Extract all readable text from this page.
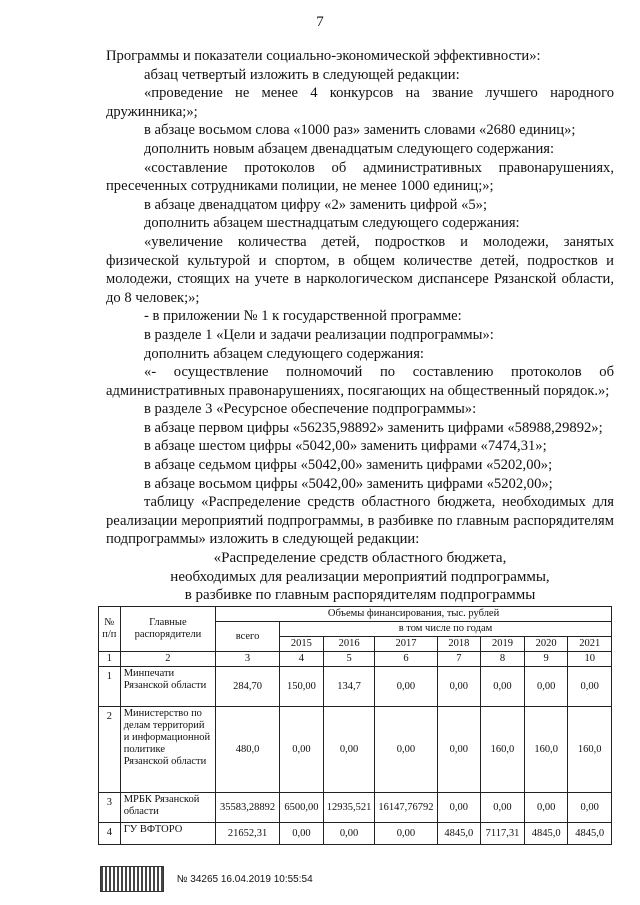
7

Программы и показатели социально-экономической эффективности»:

абзац четвертый изложить в следующей редакции:

«проведение не менее 4 конкурсов на звание лучшего народного дружинника;»;

в абзаце восьмом слова «1000 раз» заменить словами «2680 единиц»;

дополнить новым абзацем двенадцатым следующего содержания:

«составление протоколов об административных правонарушениях, пресеченных сотрудниками полиции, не менее 1000 единиц;»;

в абзаце двенадцатом цифру «2» заменить цифрой «5»;

дополнить абзацем шестнадцатым следующего содержания:

«увеличение количества детей, подростков и молодежи, занятых физической культурой и спортом, в общем количестве детей, подростков и молодежи, стоящих на учете в наркологическом диспансере Рязанской области, до 8 человек;»;

- в приложении № 1 к государственной программе:

в разделе 1 «Цели и задачи реализации подпрограммы»:

дополнить абзацем следующего содержания:

«- осуществление полномочий по составлению протоколов об административных правонарушениях, посягающих на общественный порядок.»;

в разделе 3 «Ресурсное обеспечение подпрограммы»:

в абзаце первом цифры «56235,98892» заменить цифрами «58988,29892»;

в абзаце шестом цифры «5042,00» заменить цифрами «7474,31»;

в абзаце седьмом цифры «5042,00» заменить цифрами «5202,00»;

в абзаце восьмом цифры «5042,00» заменить цифрами «5202,00»;

таблицу «Распределение средств областного бюджета, необходимых для реализации мероприятий подпрограммы, в разбивке по главным распорядителям подпрограммы» изложить в следующей редакции:

«Распределение средств областного бюджета,
необходимых для реализации мероприятий подпрограммы,
в разбивке по главным распорядителям подпрограммы
№ п/п	Главные распорядители	Объемы финансирования, тыс. рублей							
		всего	в том числе по годам						
			2015	2016	2017	2018	2019	2020	2021
1	2	3	4	5	6	7	8	9	10
1	Минпечати Рязанской области	284,70	150,00	134,7	0,00	0,00	0,00	0,00	0,00
2	Министерство по делам территорий и информационной политике Рязанской области	480,0	0,00	0,00	0,00	0,00	160,0	160,0	160,0
3	МРБК Рязанской области	35583,28892	6500,00	12935,521	16147,76792	0,00	0,00	0,00	0,00
4	ГУ ВФТОРО	21652,31	0,00	0,00	0,00	4845,0	7117,31	4845,0	4845,0
№ 34265 16.04.2019 10:55:54
